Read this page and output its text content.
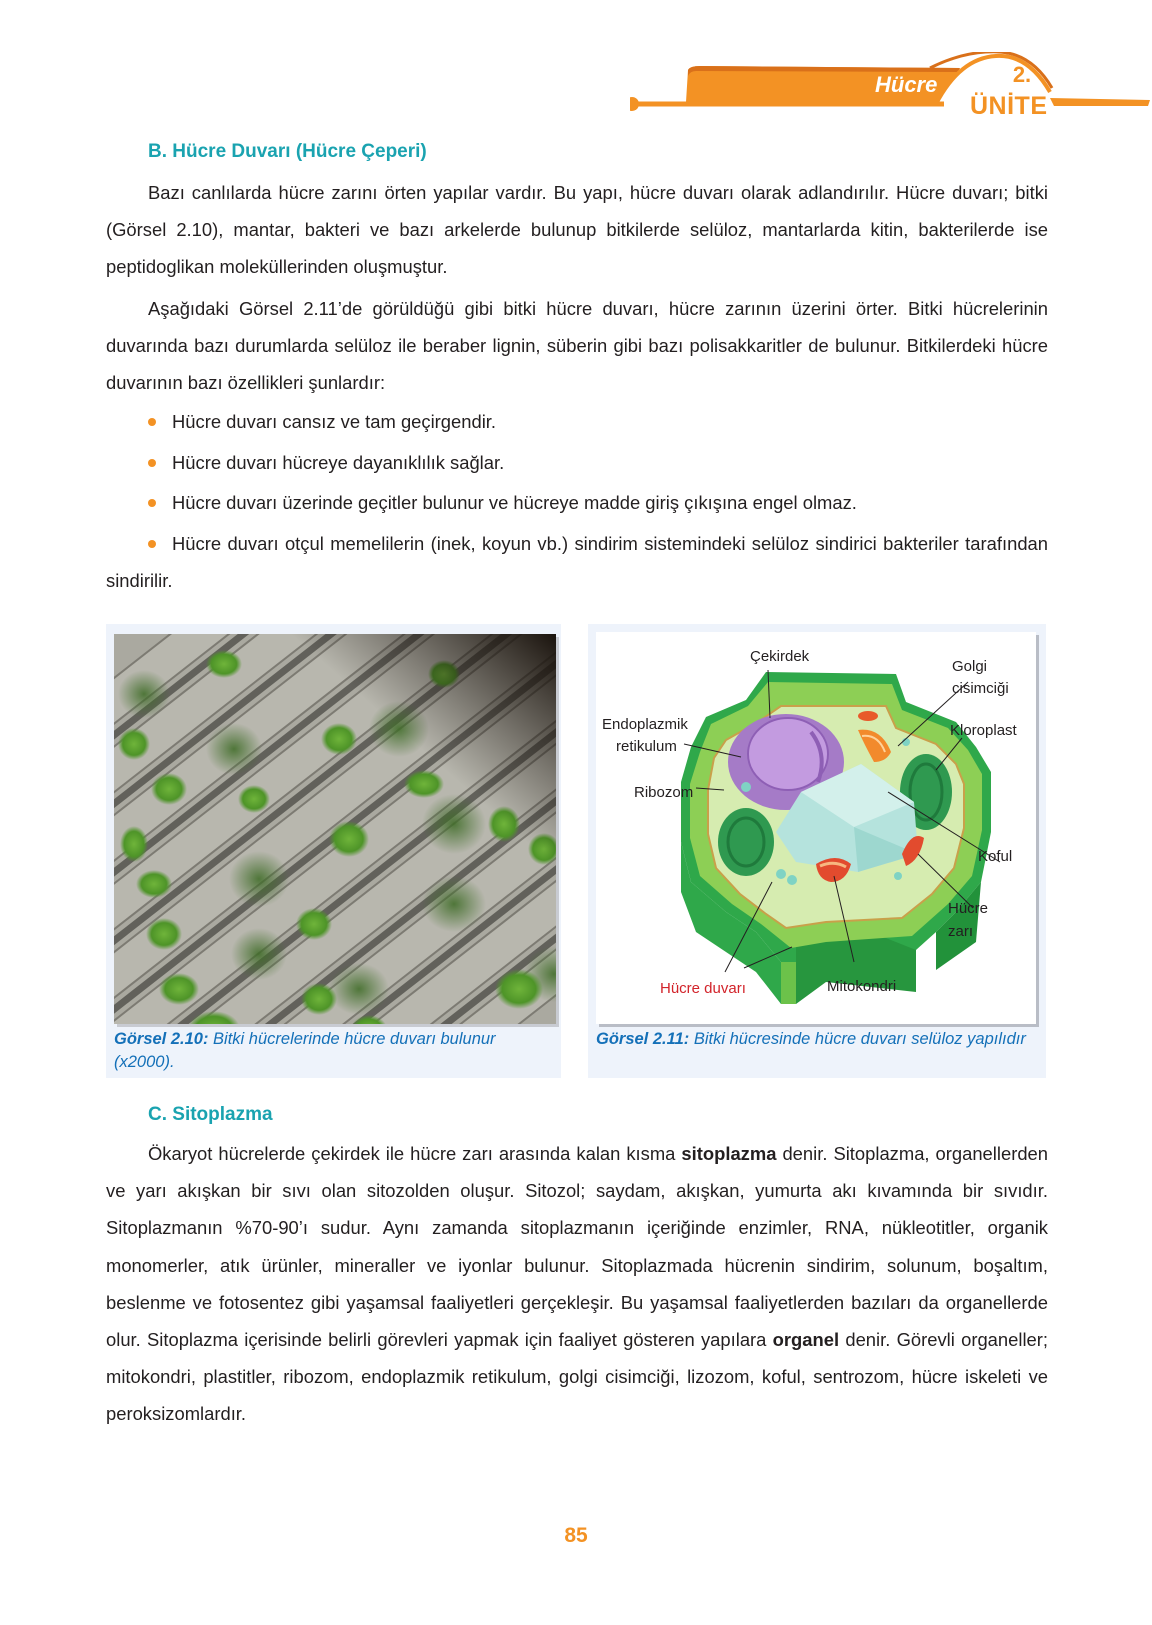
Hücre	2.
ÜNİTE
B. Hücre Duvarı (Hücre Çeperi)

Bazı canlılarda hücre zarını örten yapılar vardır. Bu yapı, hücre duvarı olarak adlandırılır. Hücre duvarı; bitki (Görsel 2.10), mantar, bakteri ve bazı arkelerde bulunup bitkilerde selüloz, mantarlarda kitin, bakterilerde ise peptidoglikan moleküllerinden oluşmuştur.

Aşağıdaki Görsel 2.11’de görüldüğü gibi bitki hücre duvarı, hücre zarının üzerini örter. Bitki hücrelerinin duvarında bazı durumlarda selüloz ile beraber lignin, süberin gibi bazı polisakkaritler de bulunur. Bitkilerdeki hücre duvarının bazı özellikleri şunlardır:

Hücre duvarı cansız ve tam geçirgendir.
Hücre duvarı hücreye dayanıklılık sağlar.
Hücre duvarı üzerinde geçitler bulunur ve hücreye madde giriş çıkışına engel olmaz.
Hücre duvarı otçul memelilerin (inek, koyun vb.) sindirim sistemindeki selüloz sindirici bakteriler tarafından sindirilir.
Görsel 2.10: Bitki hücrelerinde hücre duvarı bulunur (x2000).
Çekirdek
Golgi
cisimciği
Endoplazmik
retikulum
Kloroplast
Ribozom
Koful
Hücre
zarı
Hücre duvarı	Mitokondri
Görsel 2.11: Bitki hücresinde hücre duvarı selüloz yapılıdır
C. Sitoplazma

Ökaryot hücrelerde çekirdek ile hücre zarı arasında kalan kısma sitoplazma denir. Sitoplazma, organellerden ve yarı akışkan bir sıvı olan sitozolden oluşur. Sitozol; saydam, akışkan, yumurta akı kıvamında bir sıvıdır. Sitoplazmanın %70-90’ı sudur. Aynı zamanda sitoplazmanın içeriğinde enzimler, RNA, nükleotitler, organik monomerler, atık ürünler, mineraller ve iyonlar bulunur. Sitoplazmada hücrenin sindirim, solunum, boşaltım, beslenme ve fotosentez gibi yaşamsal faaliyetleri gerçekleşir. Bu yaşamsal faaliyetlerden bazıları da organellerde olur. Sitoplazma içerisinde belirli görevleri yapmak için faaliyet gösteren yapılara organel denir. Görevli organeller; mitokondri, plastitler, ribozom, endoplazmik retikulum, golgi cisimciği, lizozom, koful, sentrozom, hücre iskeleti ve peroksizomlardır.

85
